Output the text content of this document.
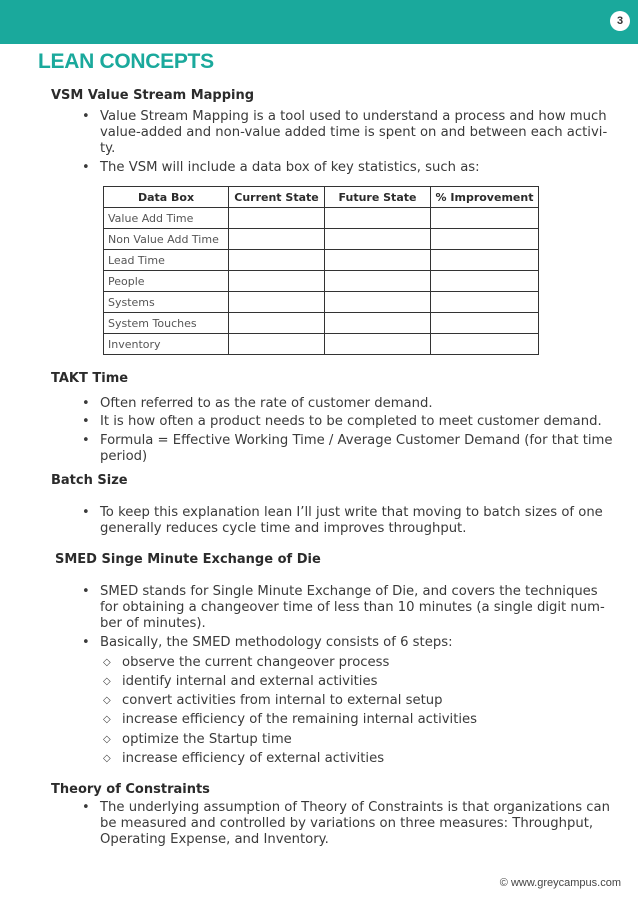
3
LEAN CONCEPTS

VSM Value Stream Mapping

• Value Stream Mapping is a tool used to understand a process and how much

value-added and non-value added time is spent on and between each activi-

ty.

• The VSM will include a data box of key statistics, such as:

Data Box	Current State	Future State	% Improvement
Value Add Time			
Non Value Add Time			
Lead Time			
People			
Systems			
System Touches			
Inventory			

TAKT Time

• Often referred to as the rate of customer demand.

• It is how often a product needs to be completed to meet customer demand.

• Formula = Effective Working Time / Average Customer Demand (for that time

period)

Batch Size

• To keep this explanation lean I’ll just write that moving to batch sizes of one

generally reduces cycle time and improves throughput.

SMED Singe Minute Exchange of Die

• SMED stands for Single Minute Exchange of Die, and covers the techniques

for obtaining a changeover time of less than 10 minutes (a single digit num-

ber of minutes).

• Basically, the SMED methodology consists of 6 steps:

◇ observe the current changeover process

◇ identify internal and external activities

◇ convert activities from internal to external setup

◇ increase efficiency of the remaining internal activities

◇ optimize the Startup time

◇ increase efficiency of external activities

Theory of Constraints

• The underlying assumption of Theory of Constraints is that organizations can

be measured and controlled by variations on three measures: Throughput,

Operating Expense, and Inventory.

© www.greycampus.com
